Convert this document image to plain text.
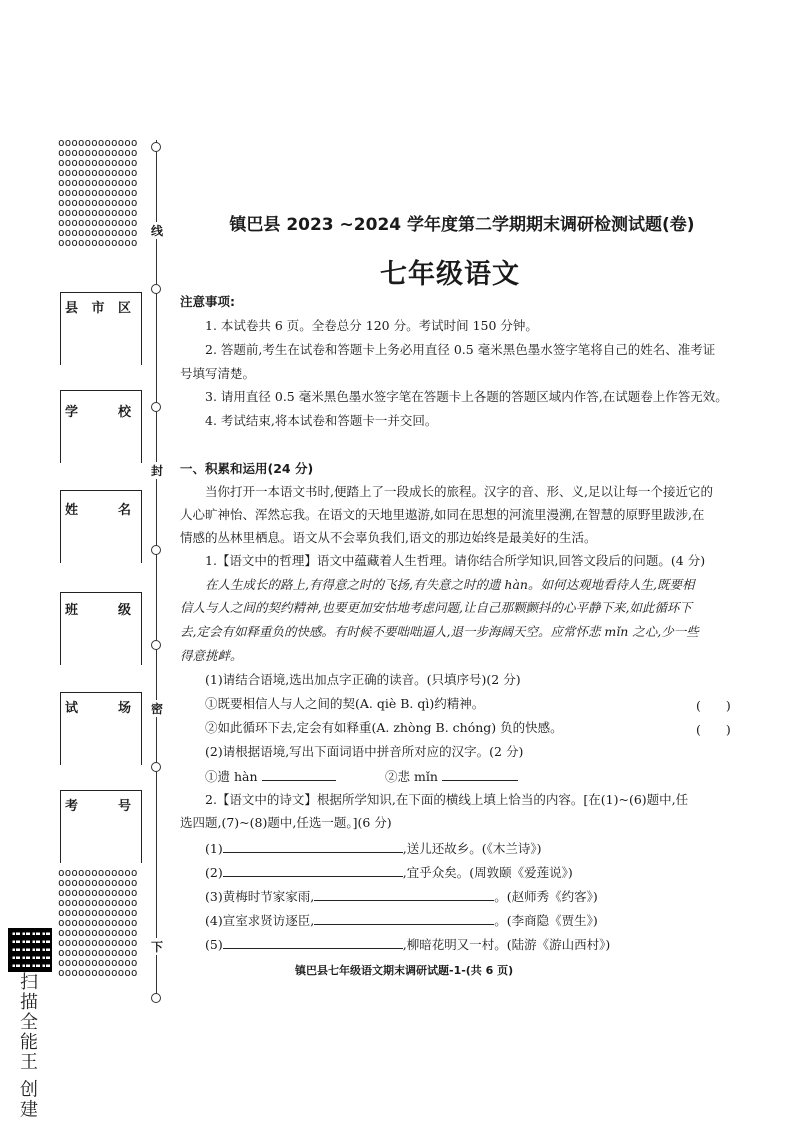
oooooooooooooooooooooooooooooooooooooooooooooooooooooooooooooooooooooooooooooooooooooooooooooooooooooooooooooooooooooooooooooooooooo
oooooooooooooooooooooooooooooooooooooooooooooooooooooooooooooooooooooooooooooooooooooooooooooooooooooooooooooooooooooooooooooooooooo
县市区
学校
姓名
班级
试场
考号
线
封
密
下
扫描全能王 创建
镇巴县 2023 ~2024 学年度第二学期期末调研检测试题(卷)
七年级语文
注意事项:
1. 本试卷共 6 页。全卷总分 120 分。考试时间 150 分钟。
2. 答题前,考生在试卷和答题卡上务必用直径 0.5 毫米黑色墨水签字笔将自己的姓名、准考证
号填写清楚。
3. 请用直径 0.5 毫米黑色墨水签字笔在答题卡上各题的答题区域内作答,在试题卷上作答无效。
4. 考试结束,将本试卷和答题卡一并交回。
一、积累和运用(24 分)
当你打开一本语文书时,便踏上了一段成长的旅程。汉字的音、形、义,足以让每一个接近它的
人心旷神怡、浑然忘我。在语文的天地里遨游,如同在思想的河流里漫溯,在智慧的原野里跋涉,在
情感的丛林里栖息。语文从不会辜负我们,语文的那边始终是最美好的生活。
1.【语文中的哲理】语文中蕴藏着人生哲理。请你结合所学知识,回答文段后的问题。(4 分)
在人生成长的路上,有得意之时的飞扬,有失意之时的遗 hàn。如何达观地看待人生,既要相
信人与人之间的契约精神,也要更加安怙地考虑问题,让自己那颗颤抖的心平静下来,如此循环下
去,定会有如释重负的快感。有时候不要咄咄逼人,退一步海阔天空。应常怀悲 mǐn 之心,少一些
得意挑衅。
(1)请结合语境,选出加点字正确的读音。(只填序号)(2 分)
①既要相信人与人之间的契(A. qiè B. qì)约精神。	(　　)
②如此循环下去,定会有如释重(A. zhòng B. chóng) 负的快感。	(　　)
(2)请根据语境,写出下面词语中拼音所对应的汉字。(2 分)
①遗 hàn	②悲 mǐn
2.【语文中的诗文】根据所学知识,在下面的横线上填上恰当的内容。[在(1)~(6)题中,任
选四题,(7)~(8)题中,任选一题。](6 分)
(1)	,送儿还故乡。(《木兰诗》)
(2)	,宜乎众矣。(周敦颐《爱莲说》)
(3)黄梅时节家家雨,	。(赵师秀《约客》)
(4)宣室求贤访逐臣,	。(李商隐《贾生》)
(5)	,柳暗花明又一村。(陆游《游山西村》)
镇巴县七年级语文期末调研试题-1-(共 6 页)
